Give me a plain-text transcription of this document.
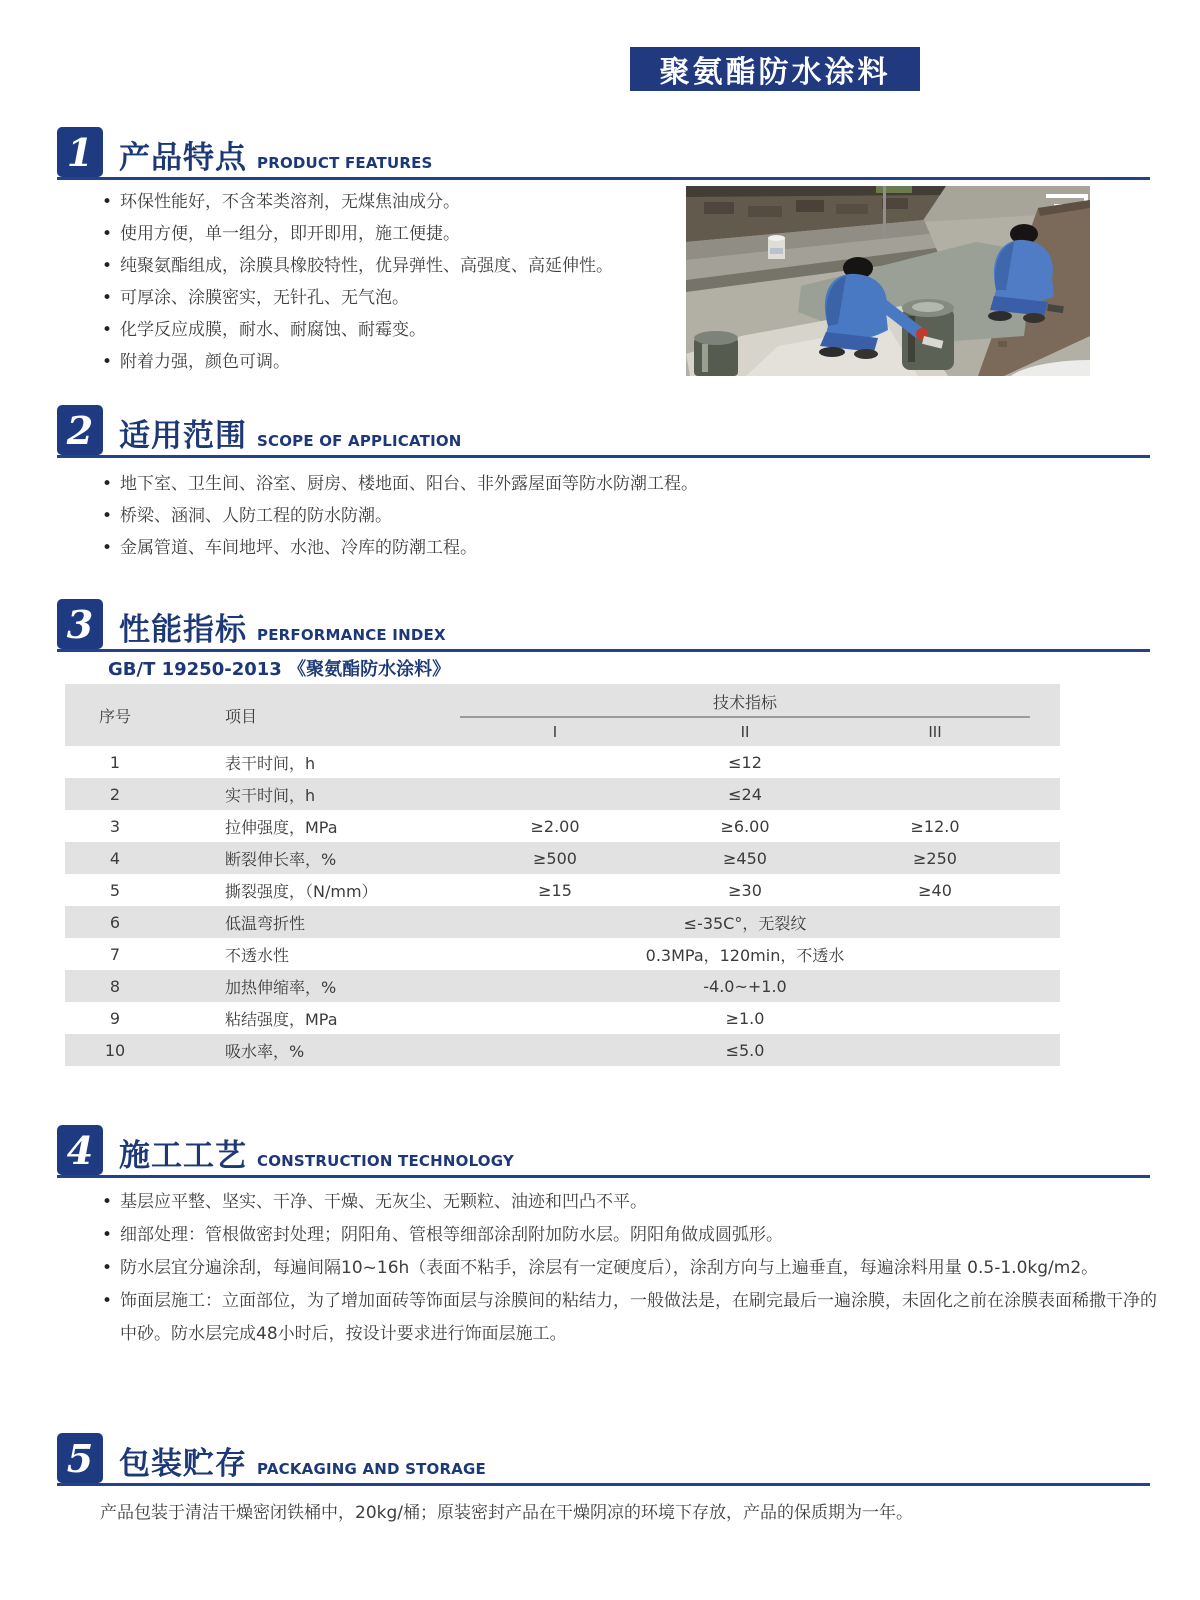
聚氨酯防水涂料
1 产品特点 PRODUCT FEATURES
• 环保性能好，不含苯类溶剂，无煤焦油成分。
• 使用方便，单一组分，即开即用，施工便捷。
• 纯聚氨酯组成，涂膜具橡胶特性，优异弹性、高强度、高延伸性。
• 可厚涂、涂膜密实，无针孔、无气泡。
• 化学反应成膜，耐水、耐腐蚀、耐霉变。
• 附着力强，颜色可调。
2 适用范围 SCOPE OF APPLICATION
• 地下室、卫生间、浴室、厨房、楼地面、阳台、非外露屋面等防水防潮工程。
• 桥梁、涵洞、人防工程的防水防潮。
• 金属管道、车间地坪、水池、冷库的防潮工程。
3 性能指标 PERFORMANCE INDEX
GB/T 19250-2013 《聚氨酯防水涂料》
序号	项目
技术指标
I	II	III
1	表干时间，h	≤12
2	实干时间，h	≤24
3	拉伸强度，MPa	≥2.00	≥6.00	≥12.0
4	断裂伸长率，%	≥500	≥450	≥250
5	撕裂强度，（N/mm）	≥15	≥30	≥40
6	低温弯折性	≤-35C°，无裂纹
7	不透水性	0.3MPa，120min，不透水
8	加热伸缩率，%	-4.0~+1.0
9	粘结强度，MPa	≥1.0
10	吸水率，%	≤5.0
4 施工工艺 CONSTRUCTION TECHNOLOGY
• 基层应平整、坚实、干净、干燥、无灰尘、无颗粒、油迹和凹凸不平。
• 细部处理：管根做密封处理；阴阳角、管根等细部涂刮附加防水层。阴阳角做成圆弧形。
• 防水层宜分遍涂刮，每遍间隔10~16h（表面不粘手，涂层有一定硬度后），涂刮方向与上遍垂直，每遍涂料用量 0.5-1.0kg/m2。
• 饰面层施工：立面部位，为了增加面砖等饰面层与涂膜间的粘结力，一般做法是，在刷完最后一遍涂膜，未固化之前在涂膜表面稀撒干净的中砂。防水层完成48小时后，按设计要求进行饰面层施工。
5 包装贮存 PACKAGING AND STORAGE
产品包装于清洁干燥密闭铁桶中，20kg/桶；原装密封产品在干燥阴凉的环境下存放，产品的保质期为一年。
